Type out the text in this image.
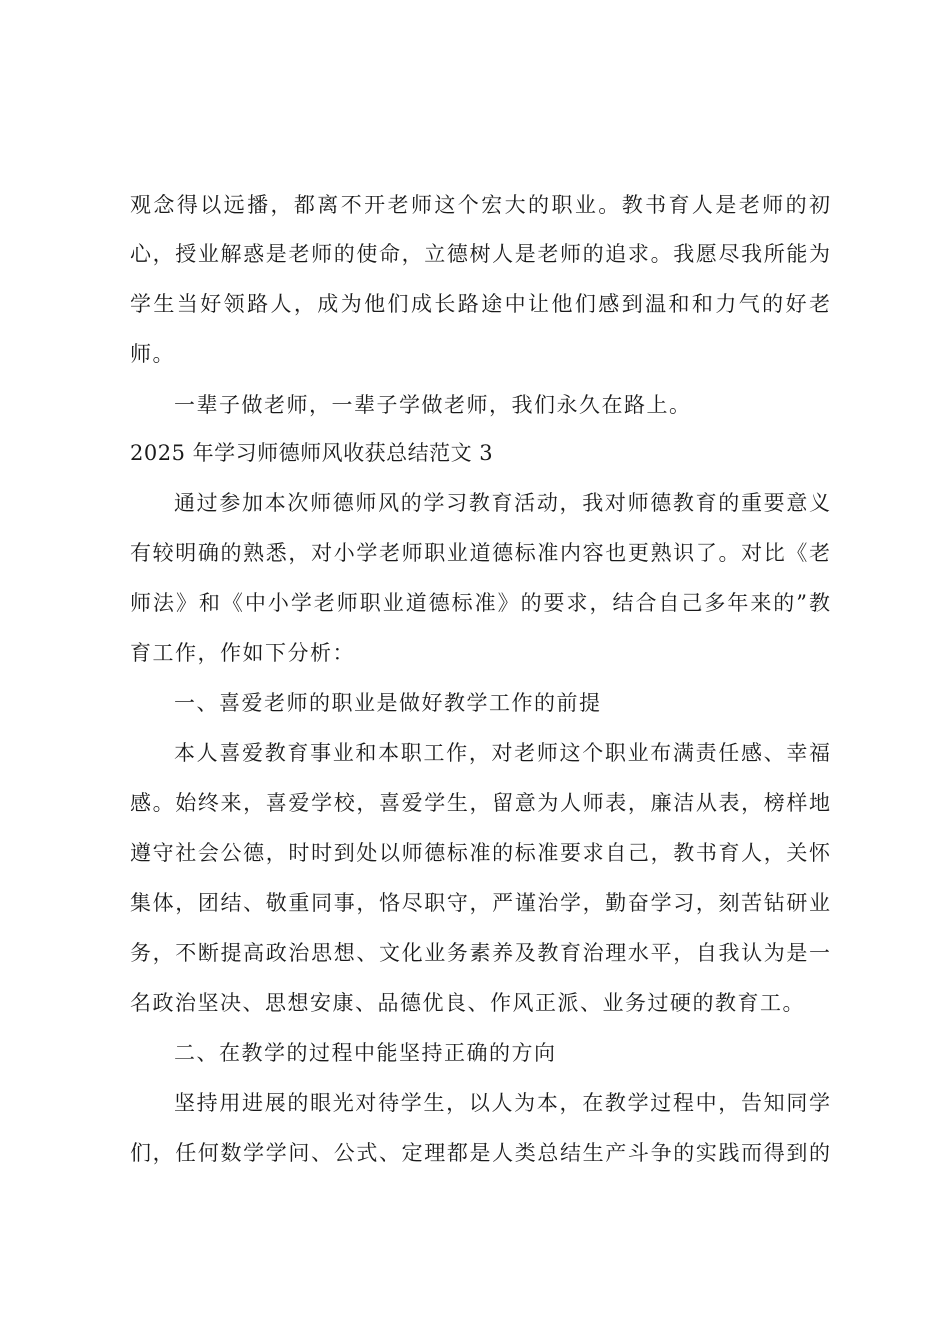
观念得以远播，都离不开老师这个宏大的职业。教书育人是老师的初
心，授业解惑是老师的使命，立德树人是老师的追求。我愿尽我所能为
学生当好领路人，成为他们成长路途中让他们感到温和和力气的好老
师。
一辈子做老师，一辈子学做老师，我们永久在路上。
2025 年学习师德师风收获总结范文 3
通过参加本次师德师风的学习教育活动，我对师德教育的重要意义
有较明确的熟悉，对小学老师职业道德标准内容也更熟识了。对比《老
师法》和《中小学老师职业道德标准》的要求，结合自己多年来的”教
育工作，作如下分析：
一、喜爱老师的职业是做好教学工作的前提
本人喜爱教育事业和本职工作，对老师这个职业布满责任感、幸福
感。始终来，喜爱学校，喜爱学生，留意为人师表，廉洁从表，榜样地
遵守社会公德，时时到处以师德标准的标准要求自己，教书育人，关怀
集体，团结、敬重同事，恪尽职守，严谨治学，勤奋学习，刻苦钻研业
务，不断提高政治思想、文化业务素养及教育治理水平，自我认为是一
名政治坚决、思想安康、品德优良、作风正派、业务过硬的教育工。
二、在教学的过程中能坚持正确的方向
坚持用进展的眼光对待学生，以人为本，在教学过程中，告知同学
们，任何数学学问、公式、定理都是人类总结生产斗争的实践而得到的
